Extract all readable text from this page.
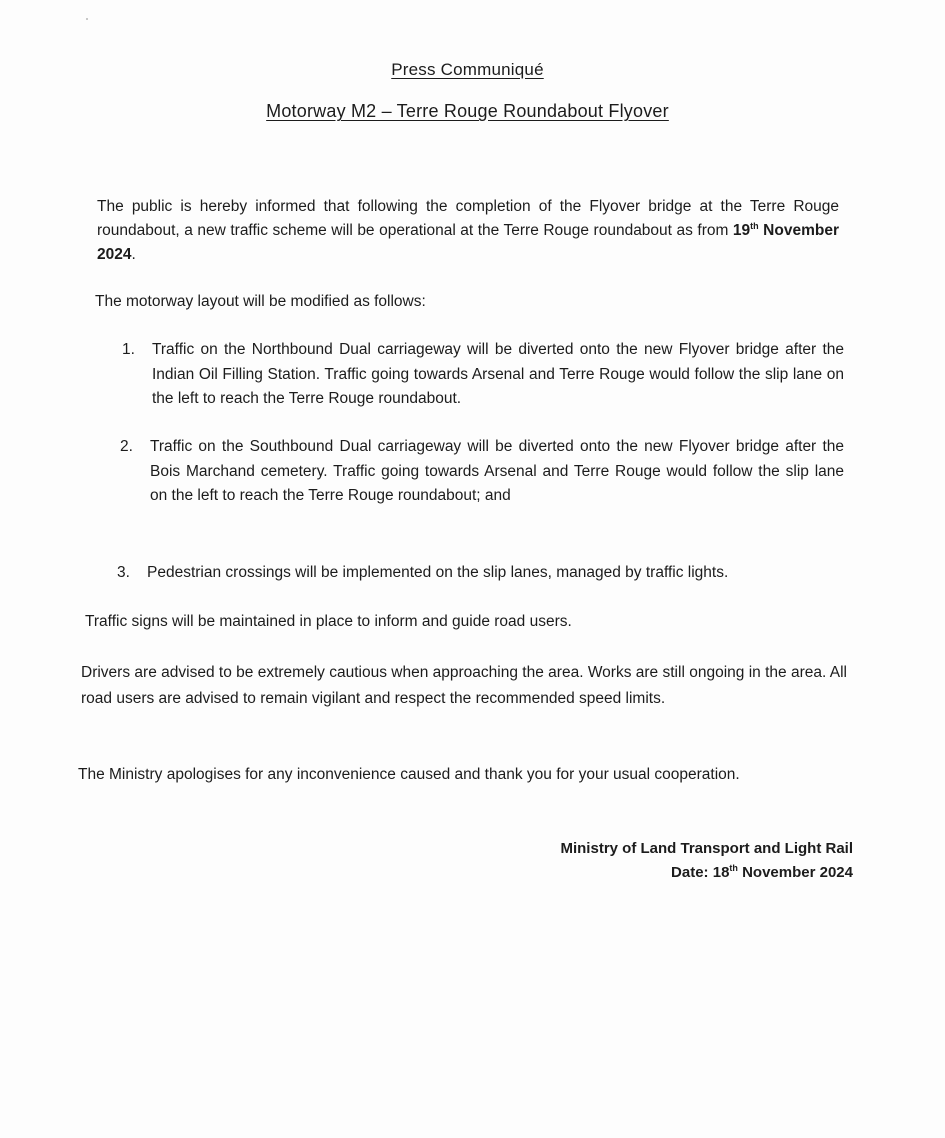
Press Communiqué
Motorway M2 – Terre Rouge Roundabout Flyover

The public is hereby informed that following the completion of the Flyover bridge at the Terre Rouge roundabout, a new traffic scheme will be operational at the Terre Rouge roundabout as from 19th November 2024.

The motorway layout will be modified as follows:

1. Traffic on the Northbound Dual carriageway will be diverted onto the new Flyover bridge after the Indian Oil Filling Station. Traffic going towards Arsenal and Terre Rouge would follow the slip lane on the left to reach the Terre Rouge roundabout.
2. Traffic on the Southbound Dual carriageway will be diverted onto the new Flyover bridge after the Bois Marchand cemetery. Traffic going towards Arsenal and Terre Rouge would follow the slip lane on the left to reach the Terre Rouge roundabout; and
3. Pedestrian crossings will be implemented on the slip lanes, managed by traffic lights.

Traffic signs will be maintained in place to inform and guide road users.

Drivers are advised to be extremely cautious when approaching the area. Works are still ongoing in the area. All road users are advised to remain vigilant and respect the recommended speed limits.

The Ministry apologises for any inconvenience caused and thank you for your usual cooperation.

Ministry of Land Transport and Light Rail
Date: 18th November 2024
